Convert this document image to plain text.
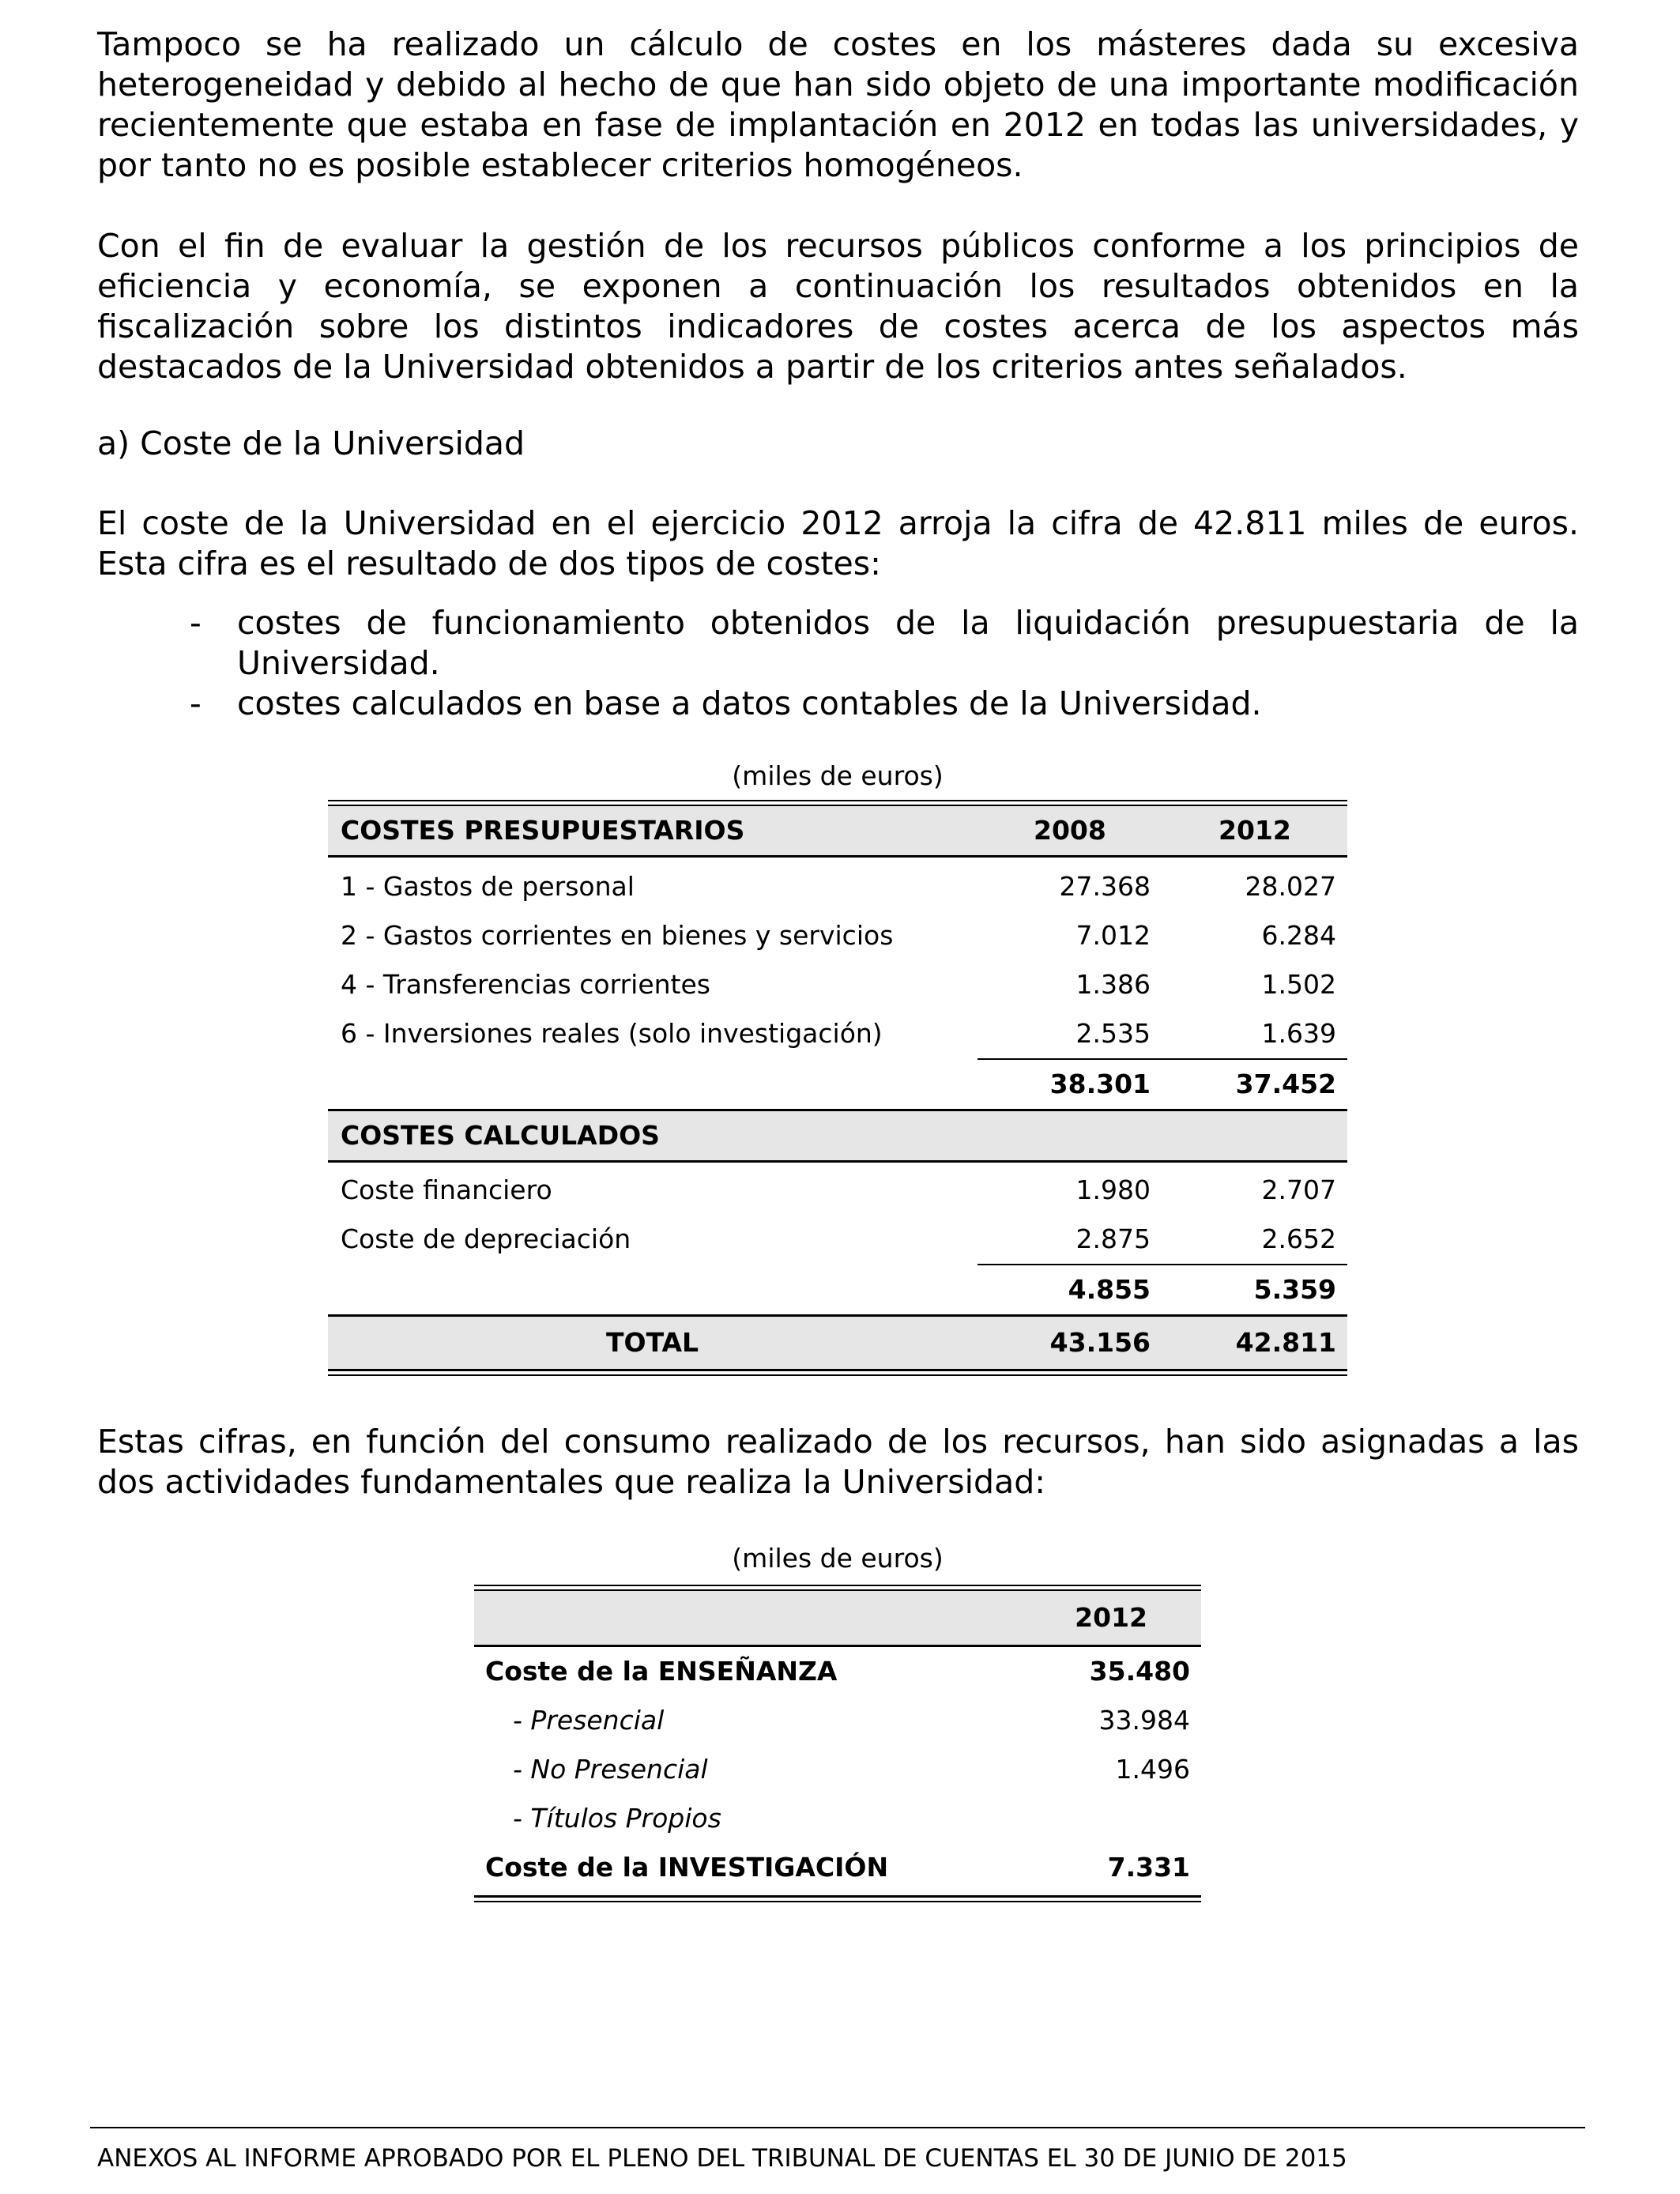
Tampoco se ha realizado un cálculo de costes en los másteres dada su excesiva heterogeneidad y debido al hecho de que han sido objeto de una importante modificación recientemente que estaba en fase de implantación en 2012 en todas las universidades, y por tanto no es posible establecer criterios homogéneos.

Con el fin de evaluar la gestión de los recursos públicos conforme a los principios de eficiencia y economía, se exponen a continuación los resultados obtenidos en la fiscalización sobre los distintos indicadores de costes acerca de los aspectos más destacados de la Universidad obtenidos a partir de los criterios antes señalados.

a) Coste de la Universidad

El coste de la Universidad en el ejercicio 2012 arroja la cifra de 42.811 miles de euros. Esta cifra es el resultado de dos tipos de costes:

- costes de funcionamiento obtenidos de la liquidación presupuestaria de la Universidad.
- costes calculados en base a datos contables de la Universidad.
(miles de euros)
COSTES PRESUPUESTARIOS	2008	2012
1 - Gastos de personal	27.368	28.027
2 - Gastos corrientes en bienes y servicios	7.012	6.284
4 - Transferencias corrientes	1.386	1.502
6 - Inversiones reales (solo investigación)	2.535	1.639
38.301	37.452
COSTES CALCULADOS
Coste financiero	1.980	2.707
Coste de depreciación	2.875	2.652
4.855	5.359
TOTAL	43.156	42.811

Estas cifras, en función del consumo realizado de los recursos, han sido asignadas a las dos actividades fundamentales que realiza la Universidad:

(miles de euros)
2012
Coste de la ENSEÑANZA	35.480
- Presencial	33.984
- No Presencial	1.496
- Títulos Propios
Coste de la INVESTIGACIÓN	7.331
ANEXOS AL INFORME APROBADO POR EL PLENO DEL TRIBUNAL DE CUENTAS EL 30 DE JUNIO DE 2015
